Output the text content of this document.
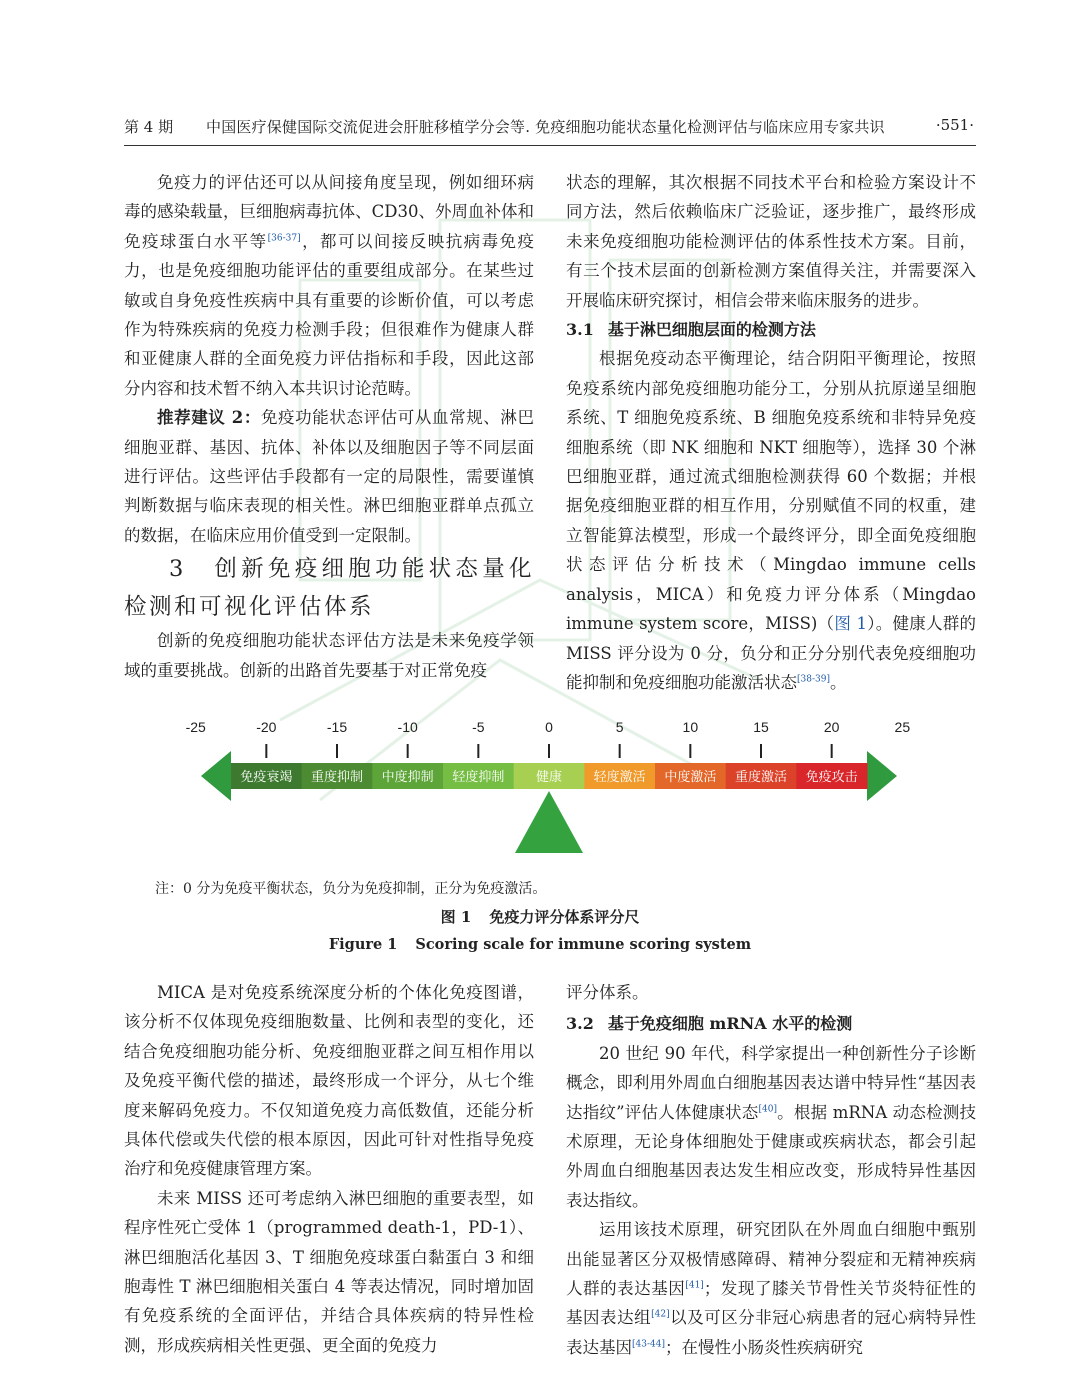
第 4 期 中国医疗保健国际交流促进会肝脏移植学分会等. 免疫细胞功能状态量化检测评估与临床应用专家共识	·551·

免疫力的评估还可以从间接角度呈现，例如细环病毒的感染载量，巨细胞病毒抗体、CD30、外周血补体和免疫球蛋白水平等[36-37]，都可以间接反映抗病毒免疫力，也是免疫细胞功能评估的重要组成部分。在某些过敏或自身免疫性疾病中具有重要的诊断价值，可以考虑作为特殊疾病的免疫力检测手段；但很难作为健康人群和亚健康人群的全面免疫力评估指标和手段，因此这部分内容和技术暂不纳入本共识讨论范畴。

推荐建议 2：免疫功能状态评估可从血常规、淋巴细胞亚群、基因、抗体、补体以及细胞因子等不同层面进行评估。这些评估手段都有一定的局限性，需要谨慎判断数据与临床表现的相关性。淋巴细胞亚群单点孤立的数据，在临床应用价值受到一定限制。

3　创新免疫细胞功能状态量化检测和可视化评估体系

创新的免疫细胞功能状态评估方法是未来免疫学领域的重要挑战。创新的出路首先要基于对正常免疫

状态的理解，其次根据不同技术平台和检验方案设计不同方法，然后依赖临床广泛验证，逐步推广，最终形成未来免疫细胞功能检测评估的体系性技术方案。目前，有三个技术层面的创新检测方案值得关注，并需要深入开展临床研究探讨，相信会带来临床服务的进步。

3.1 基于淋巴细胞层面的检测方法

根据免疫动态平衡理论，结合阴阳平衡理论，按照免疫系统内部免疫细胞功能分工，分别从抗原递呈细胞系统、T 细胞免疫系统、B 细胞免疫系统和非特异免疫细胞系统（即 NK 细胞和 NKT 细胞等），选择 30 个淋巴细胞亚群，通过流式细胞检测获得 60 个数据；并根据免疫细胞亚群的相互作用，分别赋值不同的权重，建立智能算法模型，形成一个最终评分，即全面免疫细胞状态评估分析技术（Mingdao immune cells analysis，MICA）和免疫力评分体系（Mingdao immune system score，MISS)（图 1）。健康人群的 MISS 评分设为 0 分，负分和正分分别代表免疫细胞功能抑制和免疫细胞功能激活状态[38-39]。

-25	-20	-15	-10	-5	0	5	10	15	20	25
免疫衰竭 重度抑制 中度抑制 轻度抑制 健康 轻度激活 中度激活 重度激活 免疫攻击
注：0 分为免疫平衡状态，负分为免疫抑制，正分为免疫激活。
图 1 免疫力评分体系评分尺
Figure 1 Scoring scale for immune scoring system

MICA 是对免疫系统深度分析的个体化免疫图谱，该分析不仅体现免疫细胞数量、比例和表型的变化，还结合免疫细胞功能分析、免疫细胞亚群之间互相作用以及免疫平衡代偿的描述，最终形成一个评分，从七个维度来解码免疫力。不仅知道免疫力高低数值，还能分析具体代偿或失代偿的根本原因，因此可针对性指导免疫治疗和免疫健康管理方案。

未来 MISS 还可考虑纳入淋巴细胞的重要表型，如程序性死亡受体 1（programmed death-1，PD-1）、淋巴细胞活化基因 3、T 细胞免疫球蛋白黏蛋白 3 和细胞毒性 T 淋巴细胞相关蛋白 4 等表达情况，同时增加固有免疫系统的全面评估，并结合具体疾病的特异性检测，形成疾病相关性更强、更全面的免疫力

评分体系。

3.2 基于免疫细胞 mRNA 水平的检测

20 世纪 90 年代，科学家提出一种创新性分子诊断概念，即利用外周血白细胞基因表达谱中特异性“基因表达指纹”评估人体健康状态[40]。根据 mRNA 动态检测技术原理，无论身体细胞处于健康或疾病状态，都会引起外周血白细胞基因表达发生相应改变，形成特异性基因表达指纹。

运用该技术原理，研究团队在外周血白细胞中甄别出能显著区分双极情感障碍、精神分裂症和无精神疾病人群的表达基因[41]；发现了膝关节骨性关节炎特征性的基因表达组[42]以及可区分非冠心病患者的冠心病特异性表达基因[43-44]；在慢性小肠炎性疾病研究
